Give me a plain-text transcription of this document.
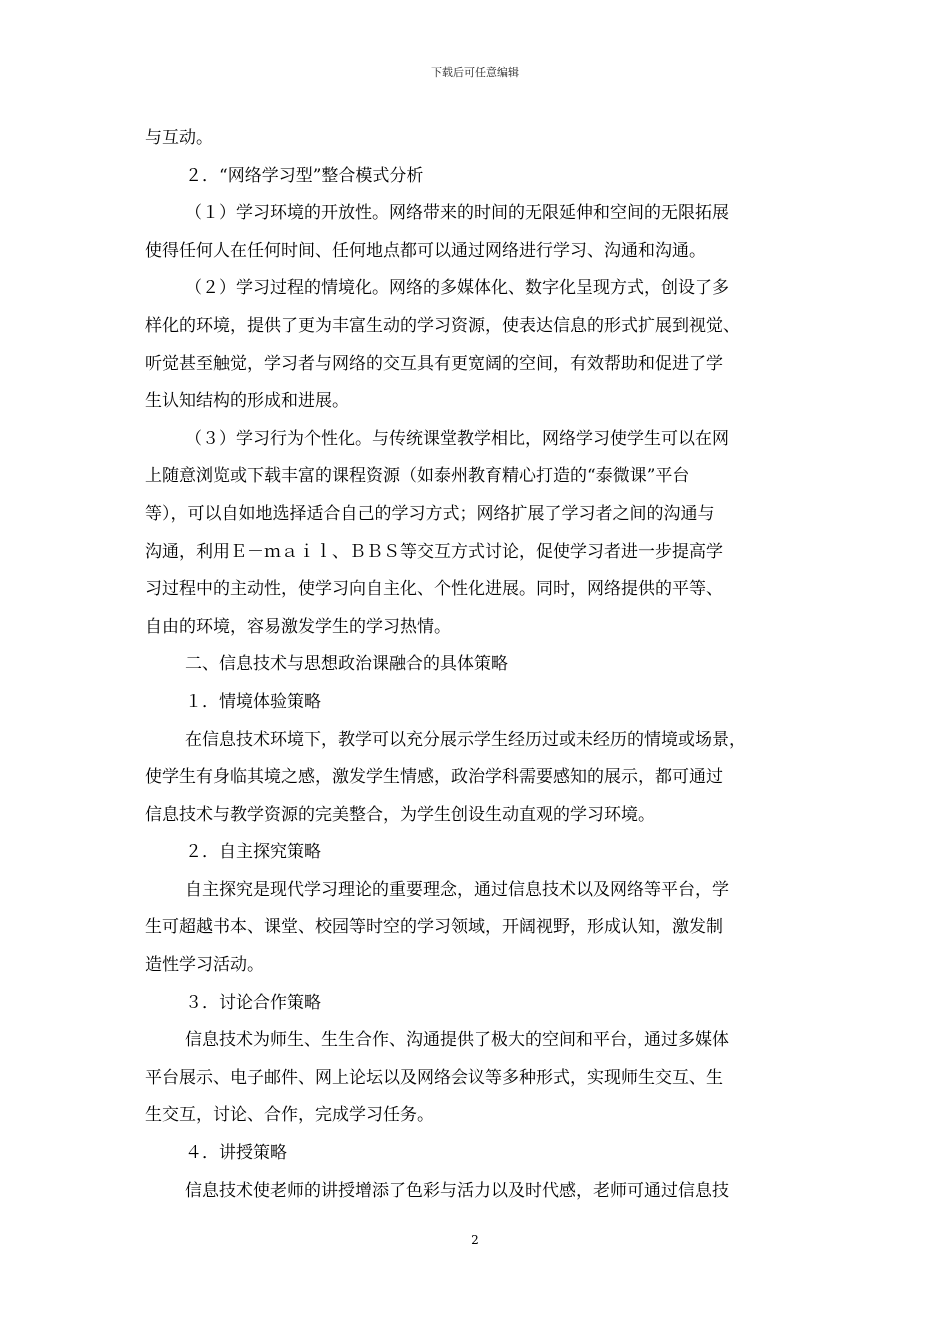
下载后可任意编辑

与互动。

２．“网络学习型”整合模式分析

（１）学习环境的开放性。网络带来的时间的无限延伸和空间的无限拓展

使得任何人在任何时间、任何地点都可以通过网络进行学习、沟通和沟通。

（２）学习过程的情境化。网络的多媒体化、数字化呈现方式，创设了多

样化的环境，提供了更为丰富生动的学习资源，使表达信息的形式扩展到视觉、

听觉甚至触觉，学习者与网络的交互具有更宽阔的空间，有效帮助和促进了学

生认知结构的形成和进展。

（３）学习行为个性化。与传统课堂教学相比，网络学习使学生可以在网

上随意浏览或下载丰富的课程资源（如泰州教育精心打造的“泰微课”平台

等），可以自如地选择适合自己的学习方式；网络扩展了学习者之间的沟通与

沟通，利用Ｅ－ｍａｉｌ、ＢＢＳ等交互方式讨论，促使学习者进一步提高学

习过程中的主动性，使学习向自主化、个性化进展。同时，网络提供的平等、

自由的环境，容易激发学生的学习热情。

二、信息技术与思想政治课融合的具体策略

１．情境体验策略

在信息技术环境下，教学可以充分展示学生经历过或未经历的情境或场景，

使学生有身临其境之感，激发学生情感，政治学科需要感知的展示，都可通过

信息技术与教学资源的完美整合，为学生创设生动直观的学习环境。

２．自主探究策略

自主探究是现代学习理论的重要理念，通过信息技术以及网络等平台，学

生可超越书本、课堂、校园等时空的学习领域，开阔视野，形成认知，激发制

造性学习活动。

３．讨论合作策略

信息技术为师生、生生合作、沟通提供了极大的空间和平台，通过多媒体

平台展示、电子邮件、网上论坛以及网络会议等多种形式，实现师生交互、生

生交互，讨论、合作，完成学习任务。

４．讲授策略

信息技术使老师的讲授增添了色彩与活力以及时代感，老师可通过信息技

2
